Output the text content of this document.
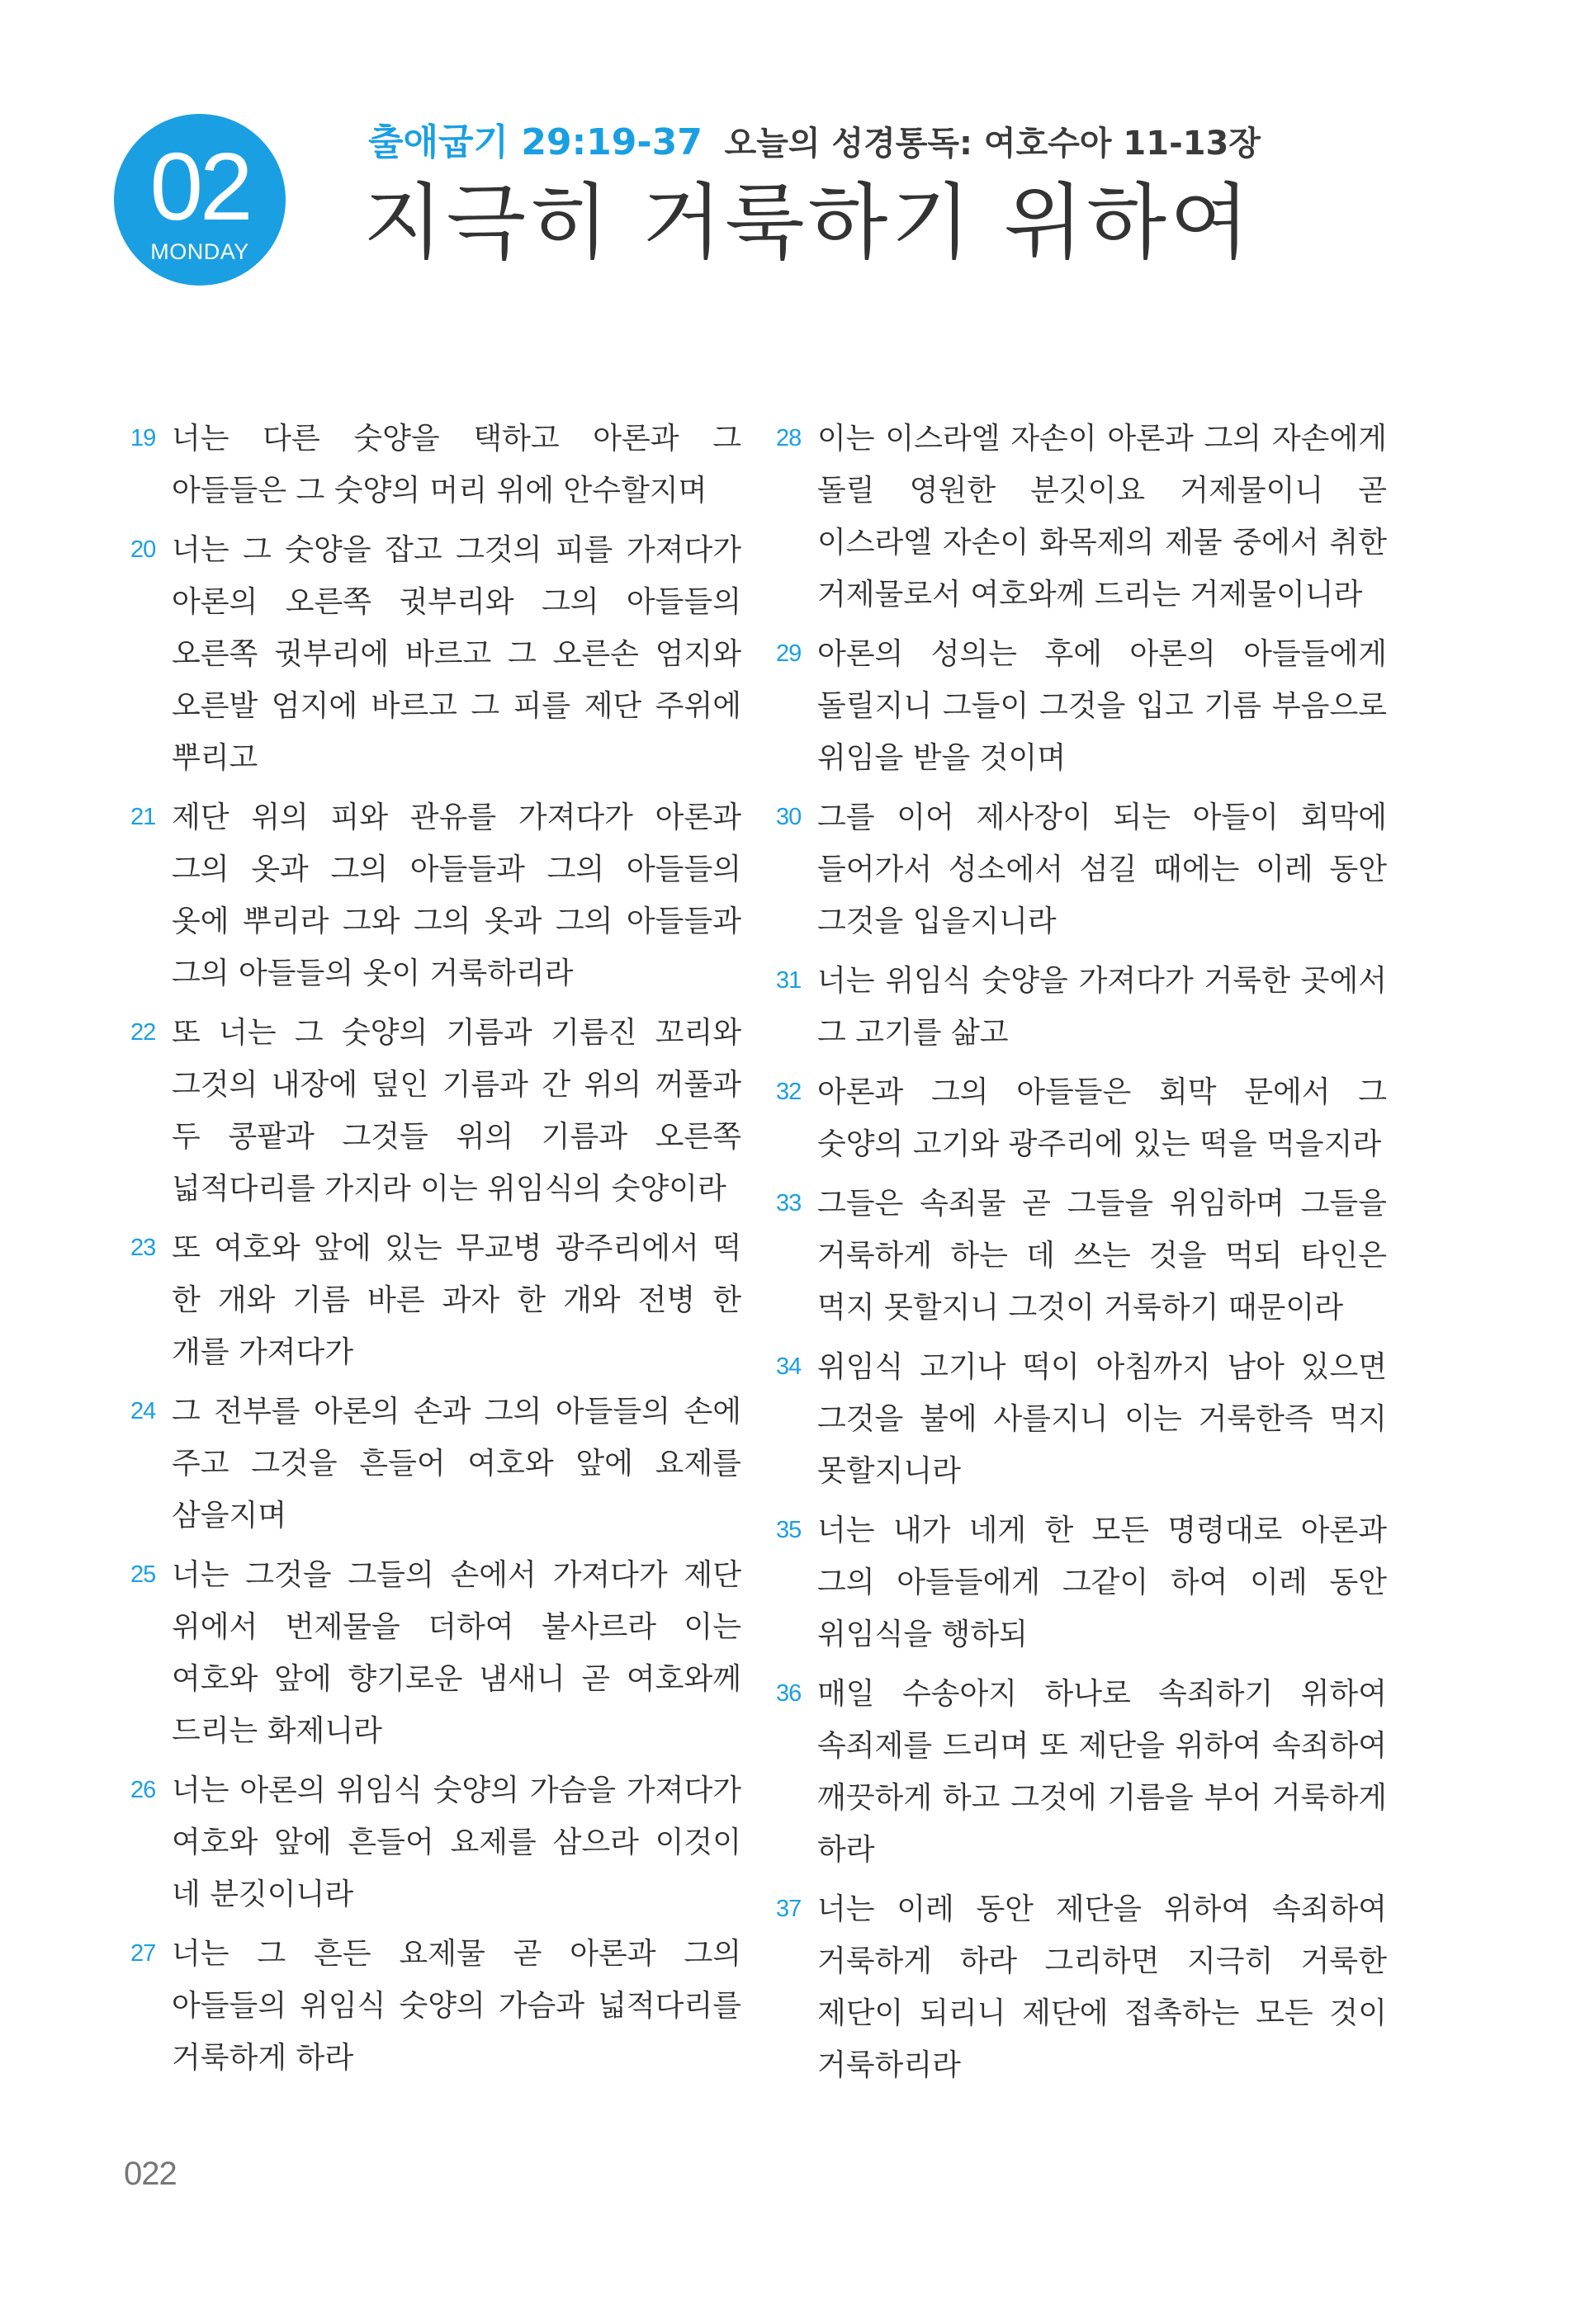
02
MONDAY
출애굽기 29:19-37 오늘의 성경통독: 여호수아 11-13장
지극히 거룩하기 위하여
19 너는 다른 숫양을 택하고 아론과 그 아들들은 그 숫양의 머리 위에 안수할지며
20 너는 그 숫양을 잡고 그것의 피를 가져다가 아론의 오른쪽 귓부리와 그의 아들들의 오른쪽 귓부리에 바르고 그 오른손 엄지와 오른발 엄지에 바르고 그 피를 제단 주위에 뿌리고
21 제단 위의 피와 관유를 가져다가 아론과 그의 옷과 그의 아들들과 그의 아들들의 옷에 뿌리라 그와 그의 옷과 그의 아들들과 그의 아들들의 옷이 거룩하리라
22 또 너는 그 숫양의 기름과 기름진 꼬리와 그것의 내장에 덮인 기름과 간 위의 꺼풀과 두 콩팥과 그것들 위의 기름과 오른쪽 넓적다리를 가지라 이는 위임식의 숫양이라
23 또 여호와 앞에 있는 무교병 광주리에서 떡 한 개와 기름 바른 과자 한 개와 전병 한 개를 가져다가
24 그 전부를 아론의 손과 그의 아들들의 손에 주고 그것을 흔들어 여호와 앞에 요제를 삼을지며
25 너는 그것을 그들의 손에서 가져다가 제단 위에서 번제물을 더하여 불사르라 이는 여호와 앞에 향기로운 냄새니 곧 여호와께 드리는 화제니라
26 너는 아론의 위임식 숫양의 가슴을 가져다가 여호와 앞에 흔들어 요제를 삼으라 이것이 네 분깃이니라
27 너는 그 흔든 요제물 곧 아론과 그의 아들들의 위임식 숫양의 가슴과 넓적다리를 거룩하게 하라
28 이는 이스라엘 자손이 아론과 그의 자손에게 돌릴 영원한 분깃이요 거제물이니 곧 이스라엘 자손이 화목제의 제물 중에서 취한 거제물로서 여호와께 드리는 거제물이니라
29 아론의 성의는 후에 아론의 아들들에게 돌릴지니 그들이 그것을 입고 기름 부음으로 위임을 받을 것이며
30 그를 이어 제사장이 되는 아들이 회막에 들어가서 성소에서 섬길 때에는 이레 동안 그것을 입을지니라
31 너는 위임식 숫양을 가져다가 거룩한 곳에서 그 고기를 삶고
32 아론과 그의 아들들은 회막 문에서 그 숫양의 고기와 광주리에 있는 떡을 먹을지라
33 그들은 속죄물 곧 그들을 위임하며 그들을 거룩하게 하는 데 쓰는 것을 먹되 타인은 먹지 못할지니 그것이 거룩하기 때문이라
34 위임식 고기나 떡이 아침까지 남아 있으면 그것을 불에 사를지니 이는 거룩한즉 먹지 못할지니라
35 너는 내가 네게 한 모든 명령대로 아론과 그의 아들들에게 그같이 하여 이레 동안 위임식을 행하되
36 매일 수송아지 하나로 속죄하기 위하여 속죄제를 드리며 또 제단을 위하여 속죄하여 깨끗하게 하고 그것에 기름을 부어 거룩하게 하라
37 너는 이레 동안 제단을 위하여 속죄하여 거룩하게 하라 그리하면 지극히 거룩한 제단이 되리니 제단에 접촉하는 모든 것이 거룩하리라
022
